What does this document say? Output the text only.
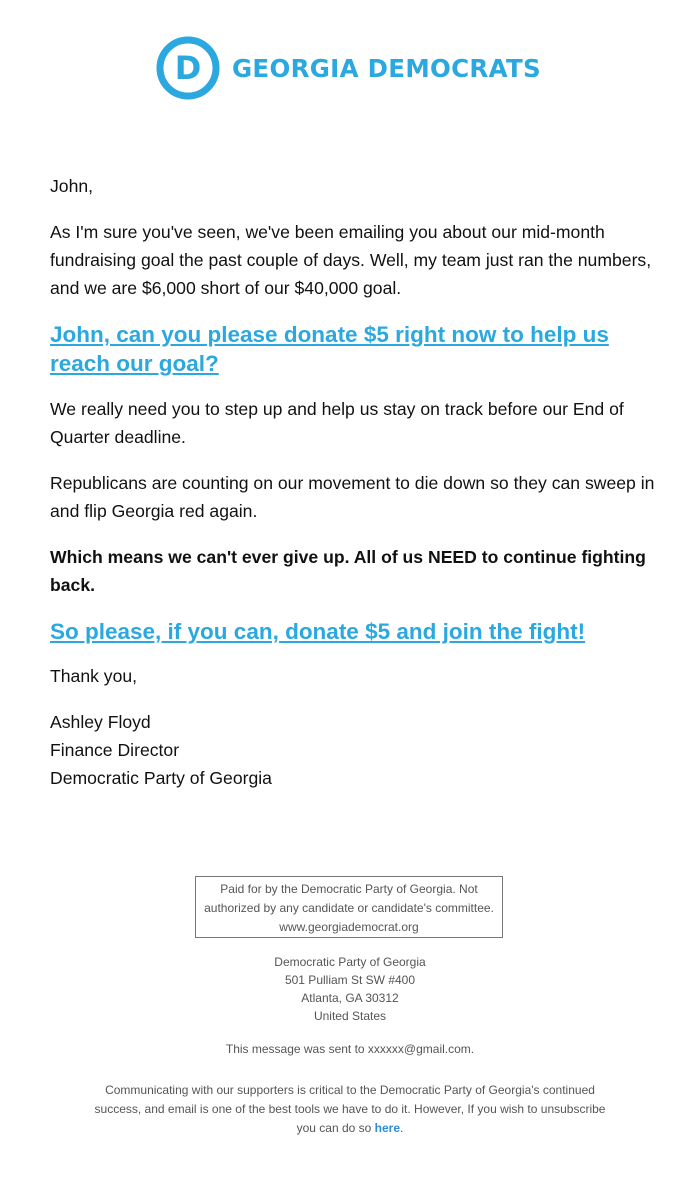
D GEORGIA DEMOCRATS

John,

As I'm sure you've seen, we've been emailing you about our mid-month fundraising goal the past couple of days. Well, my team just ran the numbers, and we are $6,000 short of our $40,000 goal.

John, can you please donate $5 right now to help us reach our goal?

We really need you to step up and help us stay on track before our End of Quarter deadline.

Republicans are counting on our movement to die down so they can sweep in and flip Georgia red again.

Which means we can't ever give up. All of us NEED to continue fighting back.

So please, if you can, donate $5 and join the fight!

Thank you,

Ashley Floyd
Finance Director
Democratic Party of Georgia

Paid for by the Democratic Party of Georgia. Not
authorized by any candidate or candidate's committee.
www.georgiademocrat.org
Democratic Party of Georgia
501 Pulliam St SW #400
Atlanta, GA 30312
United States
This message was sent to xxxxxx@gmail.com.
Communicating with our supporters is critical to the Democratic Party of Georgia's continued success, and email is one of the best tools we have to do it. However, If you wish to unsubscribe you can do so here.
